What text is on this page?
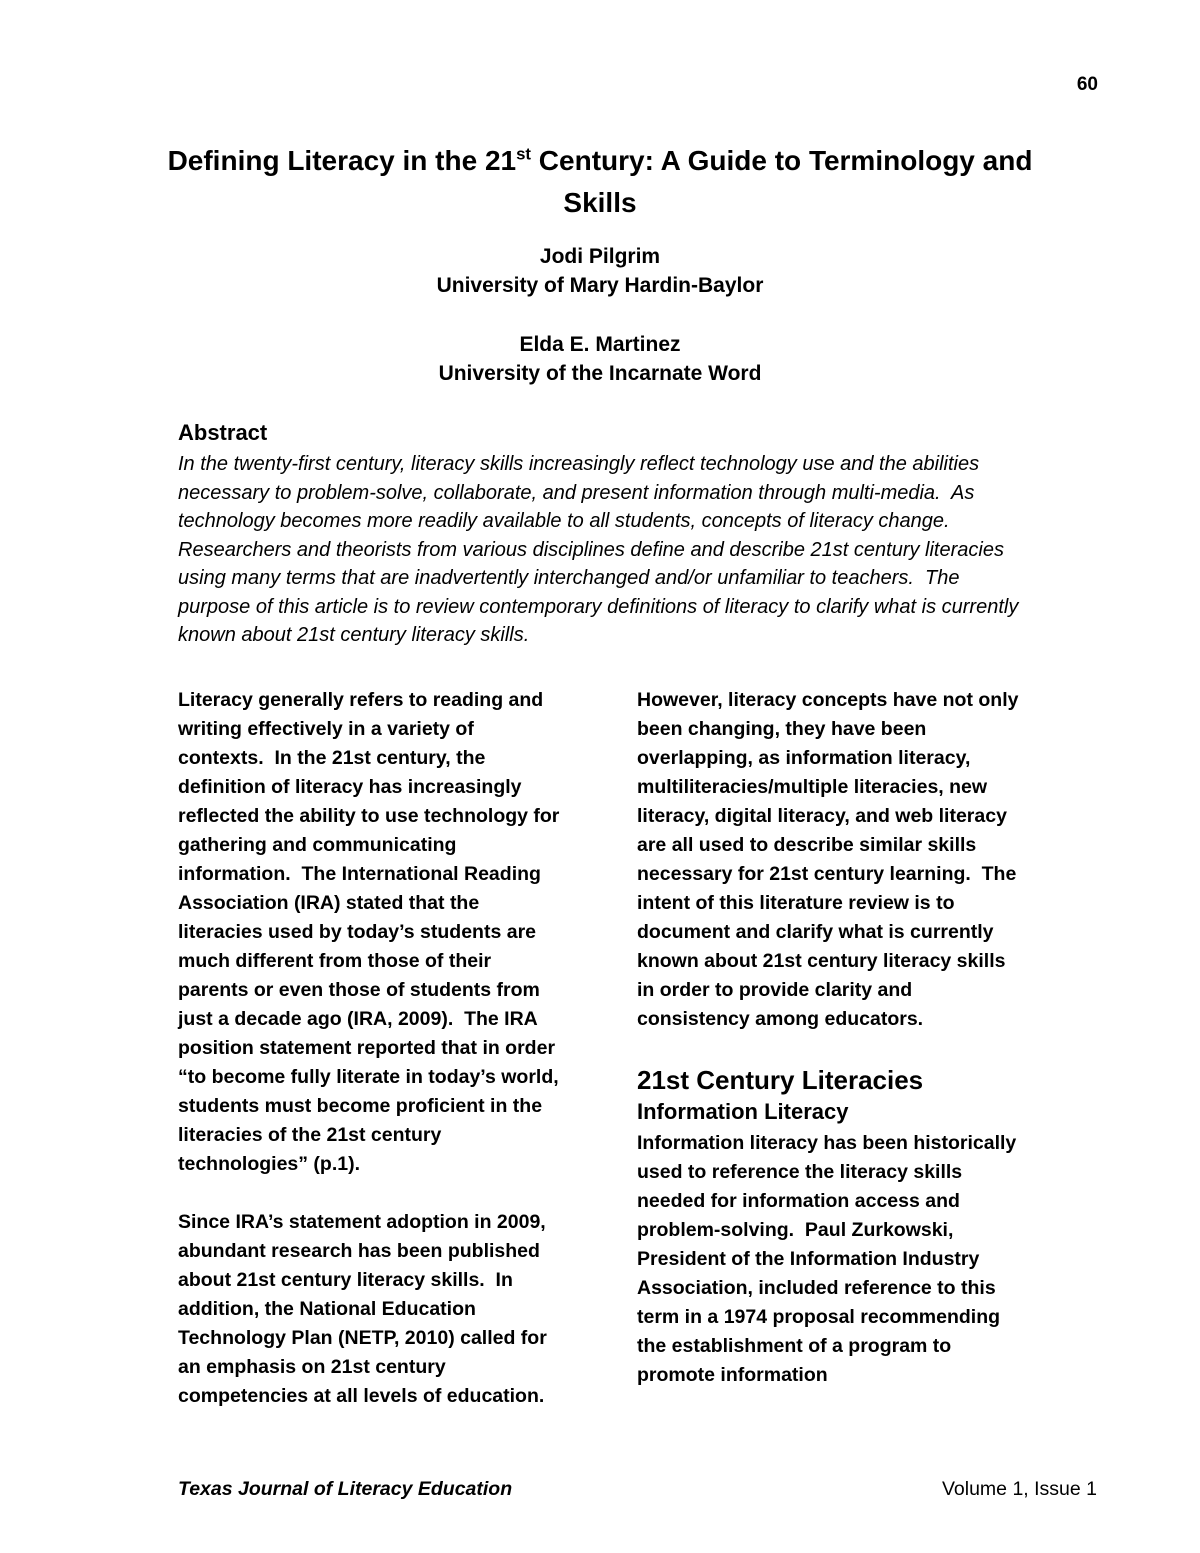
60
Defining Literacy in the 21st Century: A Guide to Terminology and Skills
Jodi Pilgrim
University of Mary Hardin-Baylor
Elda E. Martinez
University of the Incarnate Word
Abstract
In the twenty-first century, literacy skills increasingly reflect technology use and the abilities necessary to problem-solve, collaborate, and present information through multi-media.  As technology becomes more readily available to all students, concepts of literacy change. Researchers and theorists from various disciplines define and describe 21st century literacies using many terms that are inadvertently interchanged and/or unfamiliar to teachers.  The purpose of this article is to review contemporary definitions of literacy to clarify what is currently known about 21st century literacy skills.

Literacy generally refers to reading and writing effectively in a variety of contexts.  In the 21st century, the definition of literacy has increasingly reflected the ability to use technology for gathering and communicating information.  The International Reading Association (IRA) stated that the literacies used by today’s students are much different from those of their parents or even those of students from just a decade ago (IRA, 2009).  The IRA position statement reported that in order “to become fully literate in today’s world, students must become proficient in the literacies of the 21st century technologies” (p.1).

Since IRA’s statement adoption in 2009, abundant research has been published about 21st century literacy skills.  In addition, the National Education Technology Plan (NETP, 2010) called for an emphasis on 21st century competencies at all levels of education.

However, literacy concepts have not only been changing, they have been overlapping, as information literacy, multiliteracies/multiple literacies, new literacy, digital literacy, and web literacy are all used to describe similar skills necessary for 21st century learning.  The intent of this literature review is to document and clarify what is currently known about 21st century literacy skills in order to provide clarity and consistency among educators.

21st Century Literacies
Information Literacy

Information literacy has been historically used to reference the literacy skills needed for information access and problem-solving.  Paul Zurkowski, President of the Information Industry Association, included reference to this term in a 1974 proposal recommending the establishment of a program to promote information

Texas Journal of Literacy Education	Volume 1, Issue 1
